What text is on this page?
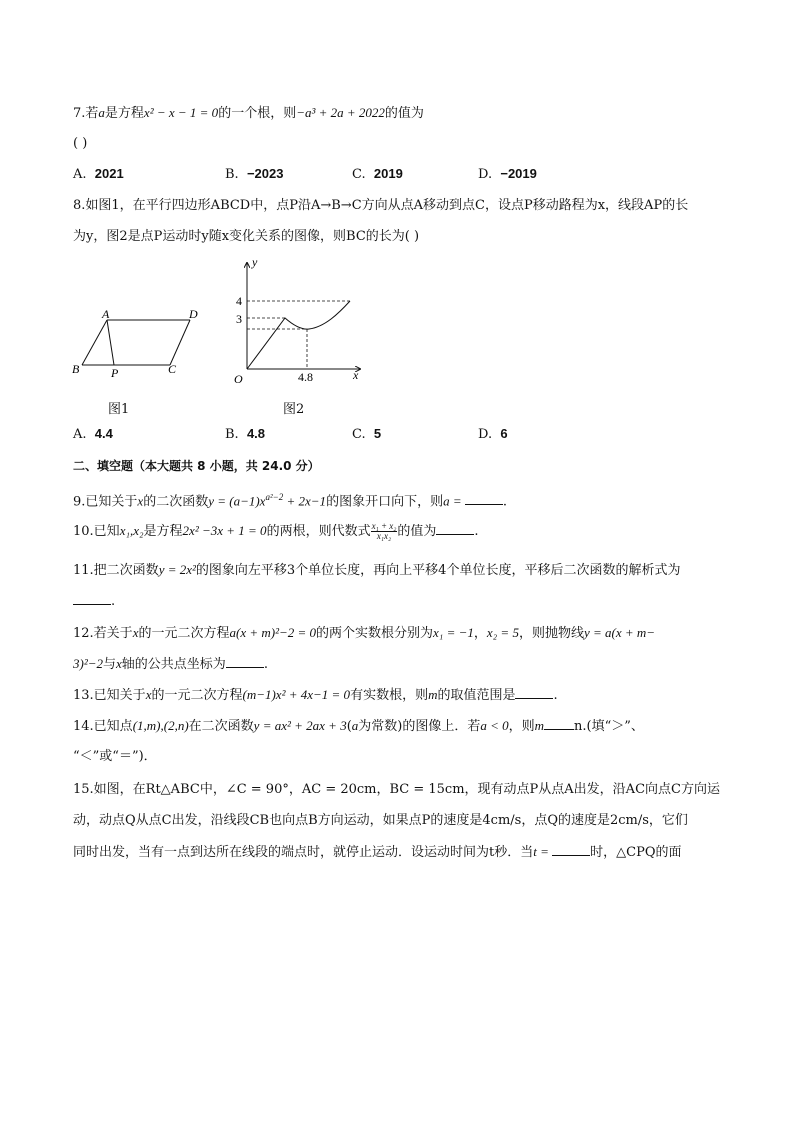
7.若a是方程x² − x − 1 = 0的一个根，则−a³ + 2a + 2022的值为
( )
A. 2021	B. −2023	C. 2019	D. −2019
8.如图1，在平行四边形ABCD中，点P沿A→B→C方向从点A移动到点C，设点P移动路程为x，线段AP的长
为y，图2是点P运动时y随x变化关系的图像，则BC的长为( )
A	D
B	P	C
图1
y
x
O
4
3
4.8
图2
A. 4.4	B. 4.8	C. 5	D. 6
二、填空题（本大题共 8 小题，共 24.0 分）
9.已知关于x的二次函数$y = (a-1)x^{a^2-2} + 2x-1$的图象开口向下，则a =	.
10.已知x₁,x₂是方程2x² −3x + 1 = 0的两根，则代数式 $\frac{\text{x₁ + x₂}}{\text{x₁x₂}}$ 的值为	.
11.把二次函数y = 2x²的图象向左平移3个单位长度，再向上平移4个单位长度，平移后二次函数的解析式为
.
12.若关于x的一元二次方程a(x + m)²−2 = 0的两个实数根分别为x₁ = −1，x₂ = 5，则抛物线y = a(x + m−
3)²−2与x轴的公共点坐标为	.
13.已知关于x的一元二次方程(m−1)x² + 4x−1 = 0有实数根，则m的取值范围是	.
14.已知点(1,m),(2,n)在二次函数y = ax² + 2ax + 3(a为常数)的图像上．若a < 0，则m n.(填“＞”、
“＜”或“＝”)．
15.如图，在Rt△ABC中，∠C = 90°，AC = 20cm，BC = 15cm，现有动点P从点A出发，沿AC向点C方向运
动，动点Q从点C出发，沿线段CB也向点B方向运动，如果点P的速度是4cm/s，点Q的速度是2cm/s，它们
同时出发，当有一点到达所在线段的端点时，就停止运动．设运动时间为t秒．当t =	时，△CPQ的面
